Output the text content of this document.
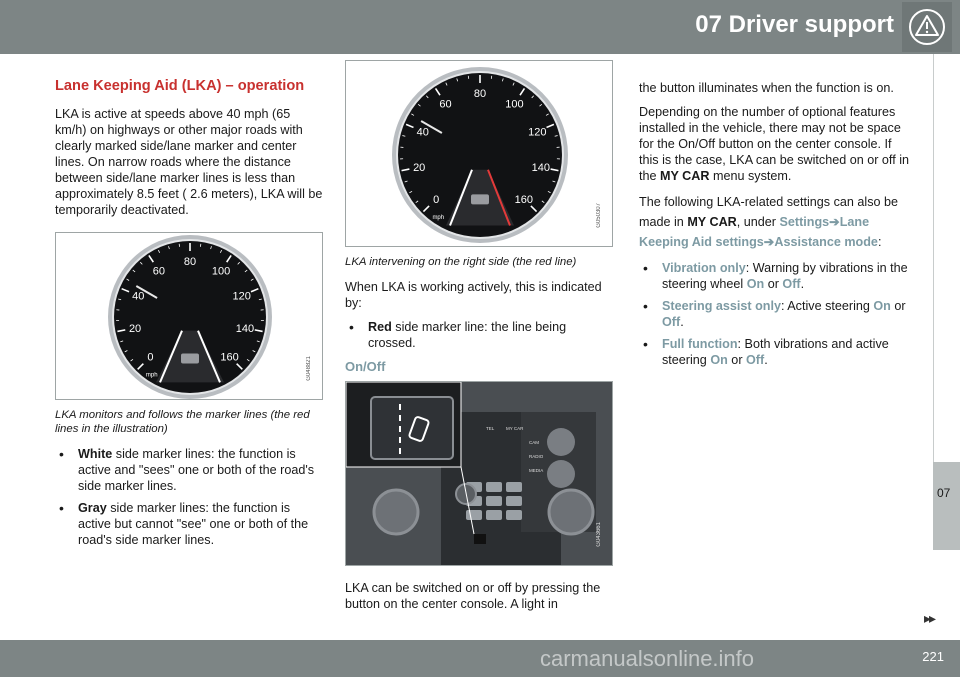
07 Driver support
07
Lane Keeping Aid (LKA) – operation

LKA is active at speeds above 40 mph (65 km/h) on highways or other major roads with clearly marked side/lane marker and center lines. On narrow roads where the distance between side/lane marker lines is less than approximately 8.5 feet ( 2.6 meters), LKA will be temporarily deactivated.

0
20
40
60
80
100
120
140
160
mph	G048821
LKA monitors and follows the marker lines (the red lines in the illustration)
• White side marker lines: the function is active and "sees" one or both of the road's side marker lines.
• Gray side marker lines: the function is active but cannot "see" one or both of the road's side marker lines.
0
20
40
60
80
100
120
140
160
mph	G050307
LKA intervening on the right side (the red line)

When LKA is working actively, this is indicated by:

• Red side marker line: the line being crossed.
On/Off
TEL	MY CAR
CAM
RADIO
MEDIA
G043661

LKA can be switched on or off by pressing the button on the center console. A light in

the button illuminates when the function is on.

Depending on the number of optional features installed in the vehicle, there may not be space for the On/Off button on the center console. If this is the case, LKA can be switched on or off in the MY CAR menu system.

The following LKA-related settings can also be made in MY CAR, under Settings➔Lane Keeping Aid settings➔Assistance mode:

• Vibration only: Warning by vibrations in the steering wheel On or Off.
• Steering assist only: Active steering On or Off.
• Full function: Both vibrations and active steering On or Off.
▸▸
carmanualsonline.info	221
